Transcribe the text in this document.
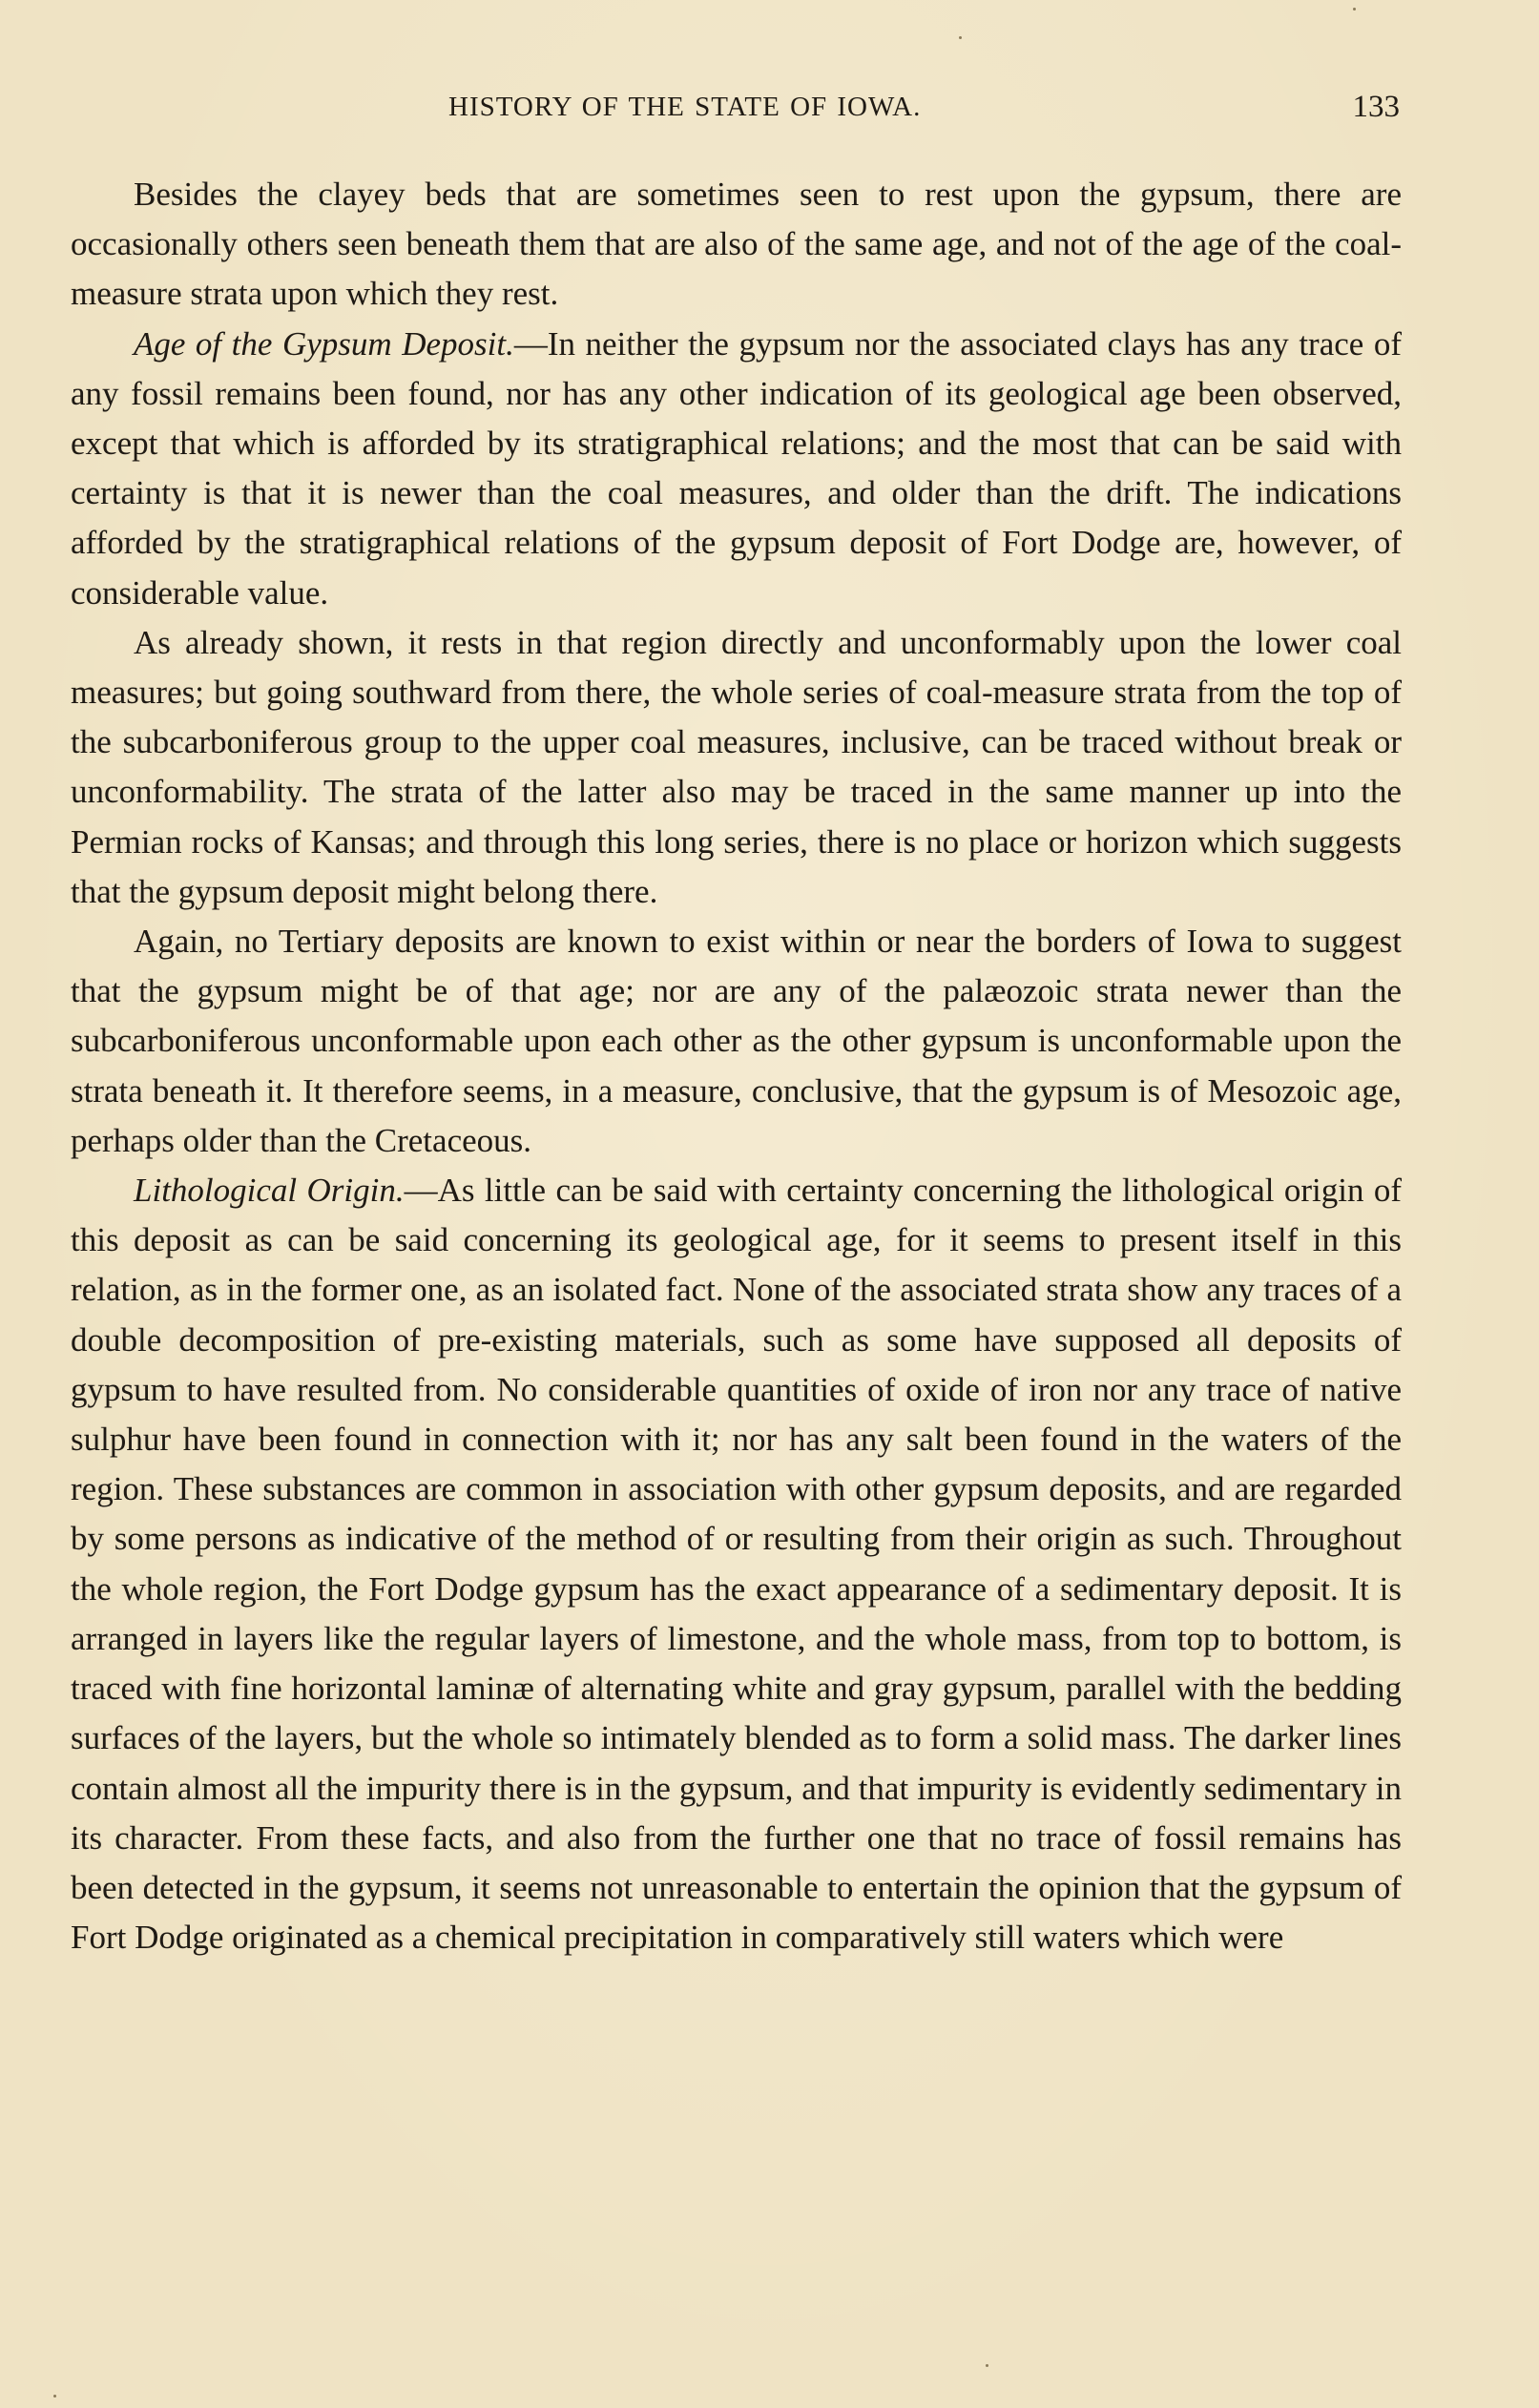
HISTORY OF THE STATE OF IOWA.	133

Besides the clayey beds that are sometimes seen to rest upon the gypsum, there are occasionally others seen beneath them that are also of the same age, and not of the age of the coal-measure strata upon which they rest.

Age of the Gypsum Deposit.—In neither the gypsum nor the associated clays has any trace of any fossil remains been found, nor has any other indication of its geological age been observed, except that which is afforded by its stratigraphical relations; and the most that can be said with certainty is that it is newer than the coal measures, and older than the drift. The indications afforded by the stratigraphical relations of the gypsum deposit of Fort Dodge are, however, of considerable value.

As already shown, it rests in that region directly and unconformably upon the lower coal measures; but going southward from there, the whole series of coal-measure strata from the top of the subcarboniferous group to the upper coal measures, inclusive, can be traced without break or unconformability. The strata of the latter also may be traced in the same manner up into the Permian rocks of Kansas; and through this long series, there is no place or horizon which suggests that the gypsum deposit might belong there.

Again, no Tertiary deposits are known to exist within or near the borders of Iowa to suggest that the gypsum might be of that age; nor are any of the palæozoic strata newer than the subcarboniferous unconformable upon each other as the other gypsum is unconformable upon the strata beneath it. It therefore seems, in a measure, conclusive, that the gypsum is of Mesozoic age, perhaps older than the Cretaceous.

Lithological Origin.—As little can be said with certainty concerning the lithological origin of this deposit as can be said concerning its geological age, for it seems to present itself in this relation, as in the former one, as an isolated fact. None of the associated strata show any traces of a double decomposition of pre-existing materials, such as some have supposed all deposits of gypsum to have resulted from. No considerable quantities of oxide of iron nor any trace of native sulphur have been found in connection with it; nor has any salt been found in the waters of the region. These substances are common in association with other gypsum deposits, and are regarded by some persons as indicative of the method of or resulting from their origin as such. Throughout the whole region, the Fort Dodge gypsum has the exact appearance of a sedimentary deposit. It is arranged in layers like the regular layers of limestone, and the whole mass, from top to bottom, is traced with fine horizontal laminæ of alternating white and gray gypsum, parallel with the bedding surfaces of the layers, but the whole so intimately blended as to form a solid mass. The darker lines contain almost all the impurity there is in the gypsum, and that impurity is evidently sedimentary in its character. From these facts, and also from the further one that no trace of fossil remains has been detected in the gypsum, it seems not unreasonable to entertain the opinion that the gypsum of Fort Dodge originated as a chemical precipitation in comparatively still waters which were
